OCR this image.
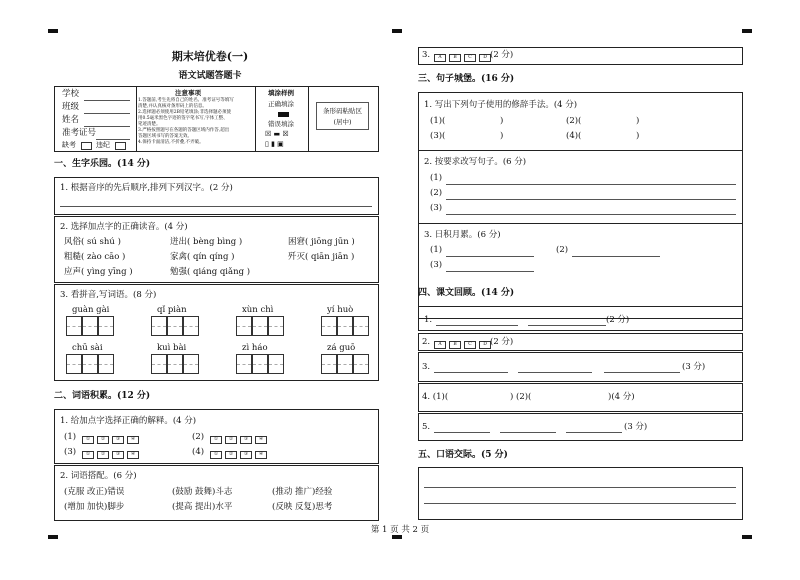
期末培优卷(一)
语文试题答题卡
学校
班级
姓名
准考证号
缺考	违纪
注意事项
1.答题前,考生先将自己的姓名、准考证号等填写
清楚,并认真核对条形码上的信息。
2.选择题必须使用2B铅笔填涂;非选择题必须使
用0.5毫米黑色字迹的签字笔书写,字体工整、
笔迹清楚。
3.严格按照题号在各题的答题区域内作答,超出
答题区域书写的答案无效。
4.保持卡面清洁,不折叠,不弄破。
填涂样例
正确填涂
错误填涂
☒ ▬ ☒
▯ ▮ ▣
条形码粘贴区
(居中)
一、生字乐园。(14 分)
1. 根据音序的先后顺序,排列下列汉字。(2 分)
2. 选择加点字的正确读音。(4 分)
风俗( sú shú )	迸出( bèng bìng )	困窘( jiōng jūn )
粗糙( zào cāo )	家禽( qín qíng )	歼灭( qiān jiān )
应声( yìng yīng )	勉强( qiáng qiǎng )
3. 看拼音,写词语。(8 分)
guàn gài	qǐ piàn	xùn chì	yí huò
chū sài	kuì bài	zì háo	zá guō
二、词语积累。(12 分)
1. 给加点字选择正确的解释。(4 分)
(1)	① ② ③ ④	(2)	① ② ③ ④
(3)	① ② ③ ④	(4)	① ② ③ ④
2. 词语搭配。(6 分)
(克服 改正)错误	(鼓励 鼓舞)斗志	(推动 推广)经验
(增加 加快)脚步	(提高 提出)水平	(反映 反复)思考
3.	A	B	C	D (2 分)
三、句子城堡。(16 分)
1. 写出下列句子使用的修辞手法。(4 分)
(1)(	)	(2)(	)
(3)(	)	(4)(	)
2. 按要求改写句子。(6 分)
(1)
(2)
(3)
3. 日积月累。(6 分)
(1)	(2)
(3)
四、课文回顾。(14 分)
1.	(2 分)
2.	A	B	C	D (2 分)
3.	(3 分)
4. (1)(	) (2)(	)(4 分)
5.	(3 分)
五、口语交际。(5 分)
第 1 页 共 2 页
